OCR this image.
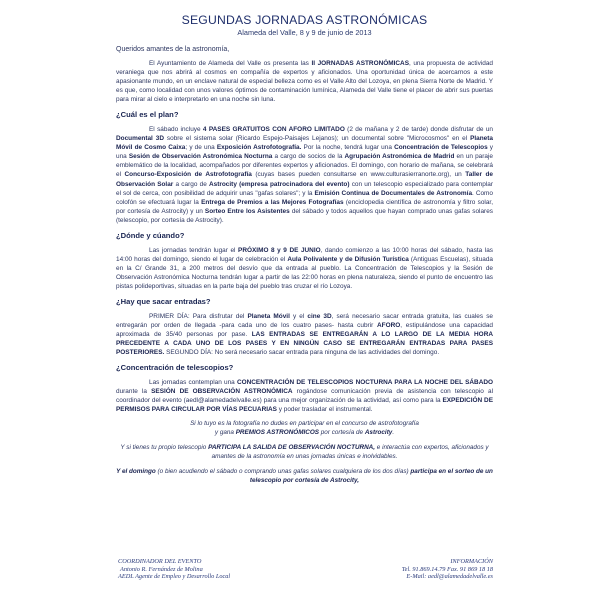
SEGUNDAS JORNADAS ASTRONÓMICAS
Alameda del Valle, 8 y 9 de junio de 2013
Queridos amantes de la astronomía,

El Ayuntamiento de Alameda del Valle os presenta las II JORNADAS ASTRONÓMICAS, una propuesta de actividad veraniega que nos abrirá al cosmos en compañía de expertos y aficionados. Una oportunidad única de acercarnos a este apasionante mundo, en un enclave natural de especial belleza como es el Valle Alto del Lozoya, en plena Sierra Norte de Madrid. Y es que, como localidad con unos valores óptimos de contaminación lumínica, Alameda del Valle tiene el placer de abrir sus puertas para mirar al cielo e interpretarlo en una noche sin luna.

¿Cuál es el plan?

El sábado incluye 4 PASES GRATUITOS CON AFORO LIMITADO (2 de mañana y 2 de tarde) donde disfrutar de un Documental 3D sobre el sistema solar (Ricardo Espejo-Paisajes Lejanos); un documental sobre "Microcosmos" en el Planeta Móvil de Cosmo Caixa; y de una Exposición Astrofotografía. Por la noche, tendrá lugar una Concentración de Telescopios y una Sesión de Observación Astronómica Nocturna a cargo de socios de la Agrupación Astronómica de Madrid en un paraje emblemático de la localidad, acompañados por diferentes expertos y aficionados. El domingo, con horario de mañana, se celebrará el Concurso-Exposición de Astrofotografía (cuyas bases pueden consultarse en www.culturasierranorte.org), un Taller de Observación Solar a cargo de Astrocity (empresa patrocinadora del evento) con un telescopio especializado para contemplar el sol de cerca, con posibilidad de adquirir unas "gafas solares"; y la Emisión Continua de Documentales de Astronomía. Como colofón se efectuará lugar la Entrega de Premios a las Mejores Fotografías (enciclopedia científica de astronomía y filtro solar, por cortesía de Astrocity) y un Sorteo Entre los Asistentes del sábado y todos aquellos que hayan comprado unas gafas solares (telescopio, por cortesía de Astrocity).

¿Dónde y cúando?

Las jornadas tendrán lugar el PRÓXIMO 8 y 9 DE JUNIO, dando comienzo a las 10:00 horas del sábado, hasta las 14:00 horas del domingo, siendo el lugar de celebración el Aula Polivalente y de Difusión Turística (Antiguas Escuelas), situada en la C/ Grande 31, a 200 metros del desvío que da entrada al pueblo. La Concentración de Telescopios y la Sesión de Observación Astronómica Nocturna tendrán lugar a partir de las 22:00 horas en plena naturaleza, siendo el punto de encuentro las pistas polideportivas, situadas en la parte baja del pueblo tras cruzar el río Lozoya.

¿Hay que sacar entradas?

PRIMER DÍA: Para disfrutar del Planeta Móvil y el cine 3D, será necesario sacar entrada gratuita, las cuales se entregarán por orden de llegada -para cada uno de los cuatro pases- hasta cubrir AFORO, estipulándose una capacidad aproximada de 35/40 personas por pase. LAS ENTRADAS SE ENTREGARÁN A LO LARGO DE LA MEDIA HORA PRECEDENTE A CADA UNO DE LOS PASES Y EN NINGÚN CASO SE ENTREGARÁN ENTRADAS PARA PASES POSTERIORES. SEGUNDO DÍA: No será necesario sacar entrada para ninguna de las actividades del domingo.

¿Concentración de telescopios?

Las jornadas contemplan una CONCENTRACIÓN DE TELESCOPIOS NOCTURNA PARA LA NOCHE DEL SÁBADO durante la SESIÓN DE OBSERVACIÓN ASTRONÓMICA rogándose comunicación previa de asistencia con telescopio al coordinador del evento (aedl@alamedadelvalle.es) para una mejor organización de la actividad, así como para la EXPEDICIÓN DE PERMISOS PARA CIRCULAR POR VÍAS PECUARIAS y poder trasladar el instrumental.

Si lo tuyo es la fotografía no dudes en participar en el concurso de astrofotografía
y gana PREMIOS ASTRONÓMICOS por cortesía de Astrocity.
Y si tienes tu propio telescopio PARTICIPA LA SALIDA DE OBSERVACIÓN NOCTURNA, e interactúa con expertos, aficionados y amantes de la astronomía en unas jornadas únicas e inolvidables.
Y el domingo (o bien acudiendo el sábado o comprando unas gafas solares cualquiera de los dos días) participa en el sorteo de un telescopio por cortesía de Astrocity,
COORDINADOR DEL EVENTO
Antonio R. Fernández de Molina
AEDL Agente de Empleo y Desarrollo Local
INFORMACIÓN
Tel. 91.869.14.79 Fax. 91 869 18 18
E-Mail: aedl@alamedadelvalle.es
